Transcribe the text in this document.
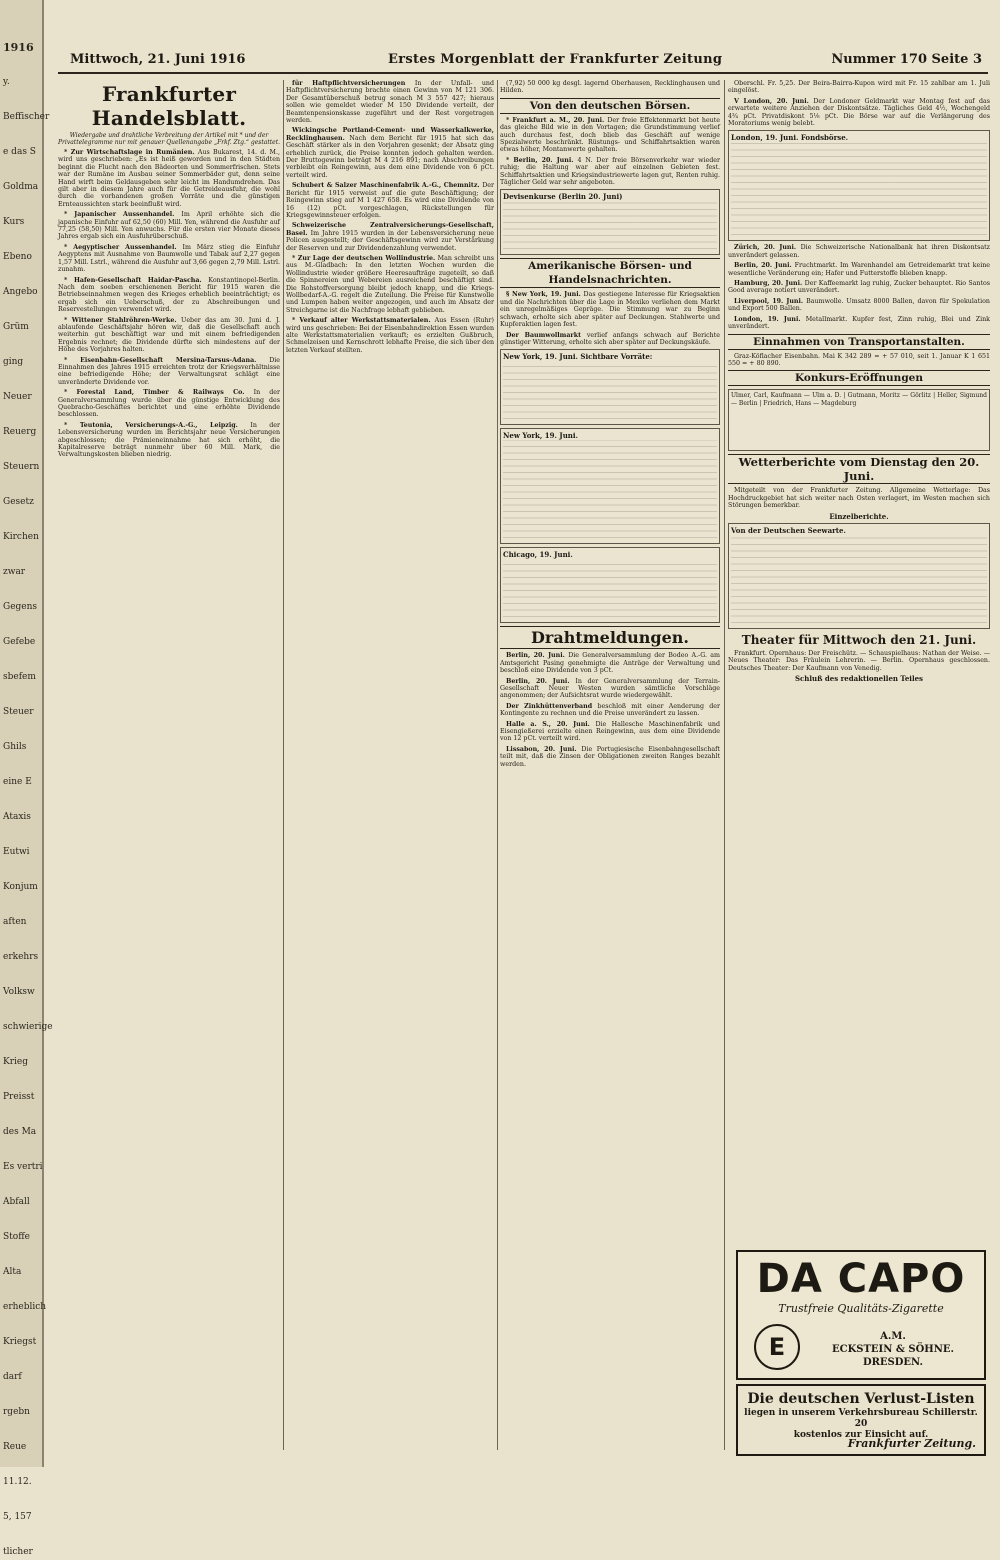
1916
y.
Beffischer
e das S
Goldma
Kurs
Ebeno
Angebo
Grüm
ging
Neuer
Reuerg
Steuern
Gesetz
Kirchen
zwar
Gegens
Gefebe
sbefem
Steuer
Ghils
eine E
Ataxis
Eutwi
Konjum
aften
erkehrs
Volksw
schwierige
Krieg
Preisst
des Ma
Es vertri
Abfall
Stoffe
Alta
erheblich
Kriegst
darf
rgebn
Reue
11.12.
5, 157
tlicher
Mittwoch, 21. Juni 1916	Erstes Morgenblatt der Frankfurter Zeitung	Nummer 170 Seite 3
Frankfurter Handelsblatt.
Wiedergabe und drahtliche Verbreitung der Artikel mit * und der Privattelegramme nur mit genauer Quellenangabe „Frkf. Ztg.“ gestattet.

* Zur Wirtschaftslage in Rumänien. Aus Bukarest, 14. d. M., wird uns geschrieben: „Es ist heiß geworden und in den Städten beginnt die Flucht nach den Bädeorten und Sommerfrischen. Stets war der Rumäne im Ausbau seiner Sommerbäder gut, denn seine Hand wirft beim Geldausgeben sehr leicht im Handumdrehen. Das gilt aber in diesem Jahre auch für die Getreideausfuhr, die wohl durch die vorhandenen großen Vorräte und die günstigen Ernteaussichten stark beeinflußt wird.

* Japanischer Aussenhandel. Im April erhöhte sich die japanische Einfuhr auf 62,50 (60) Mill. Yen, während die Ausfuhr auf 77,25 (58,50) Mill. Yen anwuchs. Für die ersten vier Monate dieses Jahres ergab sich ein Ausfuhrüberschuß.

* Aegyptischer Aussenhandel. Im März stieg die Einfuhr Aegyptens mit Ausnahme von Baumwolle und Tabak auf 2,27 gegen 1,57 Mill. Lstrl., während die Ausfuhr auf 3,66 gegen 2,79 Mill. Lstrl. zunahm.

* Hafen-Gesellschaft Haidar-Pascha. Konstantinopel-Berlin. Nach dem soeben erschienenen Bericht für 1915 waren die Betriebseinnahmen wegen des Krieges erheblich beeinträchtigt; es ergab sich ein Ueberschuß, der zu Abschreibungen und Reservestellungen verwendet wird.

* Wittener Stahlröhren-Werke. Ueber das am 30. Juni d. J. ablaufende Geschäftsjahr hören wir, daß die Gesellschaft auch weiterhin gut beschäftigt war und mit einem befriedigenden Ergebnis rechnet; die Dividende dürfte sich mindestens auf der Höhe des Vorjahres halten.

* Eisenbahn-Gesellschaft Mersina-Tarsus-Adana. Die Einnahmen des Jahres 1915 erreichten trotz der Kriegsverhältnisse eine befriedigende Höhe; der Verwaltungsrat schlägt eine unveränderte Dividende vor.

* Forestal Land, Timber & Railways Co. In der Generalversammlung wurde über die günstige Entwicklung des Quebracho-Geschäftes berichtet und eine erhöhte Dividende beschlossen.

* Teutonia, Versicherungs-A.-G., Leipzig. In der Lebensversicherung wurden im Berichtsjahr neue Versicherungen abgeschlossen; die Prämieneinnahme hat sich erhöht, die Kapitalreserve beträgt nunmehr über 60 Mill. Mark, die Verwaltungskosten blieben niedrig.

für Haftpflichtversicherungen In der Unfall- und Haftpflichtversicherung brachte einen Gewinn von M 121 306. Der Gesamtüberschuß betrug sonach M 3 557 427; hieraus sollen wie gemeldet wieder M 150 Dividende verteilt, der Beamtenpensionskasse zugeführt und der Rest vorgetragen werden.

Wickingsche Portland-Cement- und Wasserkalkwerke, Recklinghausen. Nach dem Bericht für 1915 hat sich das Geschäft stärker als in den Vorjahren gesenkt; der Absatz ging erheblich zurück, die Preise konnten jedoch gehalten werden. Der Bruttogewinn beträgt M 4 216 891; nach Abschreibungen verbleibt ein Reingewinn, aus dem eine Dividende von 6 pCt. verteilt wird.

Schubert & Salzer Maschinenfabrik A.-G., Chemnitz. Der Bericht für 1915 verweist auf die gute Beschäftigung; der Reingewinn stieg auf M 1 427 658. Es wird eine Dividende von 16 (12) pCt. vorgeschlagen, Rückstellungen für Kriegsgewinnsteuer erfolgen.

Schweizerische Zentralversicherungs-Gesellschaft, Basel. Im Jahre 1915 wurden in der Lebensversicherung neue Policen ausgestellt; der Geschäftsgewinn wird zur Verstärkung der Reserven und zur Dividendenzahlung verwendet.

* Zur Lage der deutschen Wollindustrie. Man schreibt uns aus M.-Gladbach: In den letzten Wochen wurden die Wollindustrie wieder größere Heeresaufträge zugeteilt, so daß die Spinnereien und Webereien ausreichend beschäftigt sind. Die Rohstoffversorgung bleibt jedoch knapp, und die Kriegs-Wollbedarf-A.-G. regelt die Zuteilung. Die Preise für Kunstwolle und Lumpen haben weiter angezogen, und auch im Absatz der Streichgarne ist die Nachfrage lebhaft geblieben.

* Verkauf alter Werkstattsmaterialen. Aus Essen (Ruhr) wird uns geschrieben: Bei der Eisenbahndirektion Essen wurden alte Werkstattsmaterialien verkauft; es erzielten Gußbruch, Schmelzeisen und Kernschrott lebhafte Preise, die sich über den letzten Verkauf stellten.

(7,92) 50 000 kg desgl. lagernd Oberhausen, Recklinghausen und Hilden.

Von den deutschen Börsen.

* Frankfurt a. M., 20. Juni. Der freie Effektenmarkt bot heute das gleiche Bild wie in den Vortagen; die Grundstimmung verlief auch durchaus fest, doch blieb das Geschäft auf wenige Spezialwerte beschränkt. Rüstungs- und Schiffahrtsaktien waren etwas höher, Montanwerte gehalten.

* Berlin, 20. Juni. 4 N. Der freie Börsenverkehr war wieder ruhig; die Haltung war aber auf einzelnen Gebieten fest. Schiffahrtsaktien und Kriegsindustriewerte lagen gut, Renten ruhig. Täglicher Geld war sehr angeboten.

Devisenkurse (Berlin 20. Juni)
Amerikanische Börsen- und Handelsnachrichten.

§ New York, 19. Juni. Das gestiegene Interesse für Kriegsaktien und die Nachrichten über die Lage in Mexiko verliehen dem Markt ein unregelmäßiges Gepräge. Die Stimmung war zu Beginn schwach, erholte sich aber später auf Deckungen. Stahlwerte und Kupferaktien lagen fest.

Der Baumwollmarkt verlief anfangs schwach auf Berichte günstiger Witterung, erholte sich aber später auf Deckungskäufe.

New York, 19. Juni. Sichtbare Vorräte:
New York, 19. Juni.
Chicago, 19. Juni.
Drahtmeldungen.

Berlin, 20. Juni. Die Generalversammlung der Bodeo A.-G. am Amtsgericht Pasing genehmigte die Anträge der Verwaltung und beschloß eine Dividende von 3 pCt.

Berlin, 20. Juni. In der Generalversammlung der Terrain-Gesellschaft Neuer Westen wurden sämtliche Vorschläge angenommen; der Aufsichtsrat wurde wiedergewählt.

Der Zinkhüttenverband beschloß mit einer Aenderung der Kontingente zu rechnen und die Preise unverändert zu lassen.

Halle a. S., 20. Juni. Die Hallesche Maschinenfabrik und Eisengießerei erzielte einen Reingewinn, aus dem eine Dividende von 12 pCt. verteilt wird.

Lissabon, 20. Juni. Die Portugiesische Eisenbahngesellschaft teilt mit, daß die Zinsen der Obligationen zweiten Ranges bezahlt werden.

Oberschl. Fr. 5,25. Der Beira-Bairra-Kupon wird mit Fr. 15 zahlbar am 1. Juli eingelöst.

V London, 20. Juni. Der Londoner Geldmarkt war Montag fest auf das erwartete weitere Anziehen der Diskontsätze. Tägliches Geld 4½, Wochengeld 4¾ pCt. Privatdiskont 5⅛ pCt. Die Börse war auf die Verlängerung des Moratoriums wenig belebt.

London, 19. Juni. Fondsbörse.

Zürich, 20. Juni. Die Schweizerische Nationalbank hat ihren Diskontsatz unverändert gelassen.

Berlin, 20. Juni. Fruchtmarkt. Im Warenhandel am Getreidemarkt trat keine wesentliche Veränderung ein; Hafer und Futterstoffe blieben knapp.

Hamburg, 20. Juni. Der Kaffeemarkt lag ruhig, Zucker behauptet. Rio Santos Good average notiert unverändert.

Liverpool, 19. Juni. Baumwolle. Umsatz 8000 Ballen, davon für Spekulation und Export 500 Ballen.

London, 19. Juni. Metallmarkt. Kupfer fest, Zinn ruhig, Blei und Zink unverändert.

Einnahmen von Transportanstalten.

Graz-Köflacher Eisenbahn. Mai K 342 289 = + 57 010, seit 1. Januar K 1 651 550 = + 80 890.

Konkurs-Eröffnungen
Ulmer, Carl, Kaufmann — Ulm a. D. | Gutmann, Moritz — Görlitz | Heller, Sigmund — Berlin | Friedrich, Hans — Magdeburg
Wetterberichte vom Dienstag den 20. Juni.

Mitgeteilt von der Frankfurter Zeitung. Allgemeine Wetterlage: Das Hochdruckgebiet hat sich weiter nach Osten verlagert, im Westen machen sich Störungen bemerkbar.

Einzelberichte.
Von der Deutschen Seewarte.
Theater für Mittwoch den 21. Juni.

Frankfurt. Opernhaus: Der Freischütz. — Schauspielhaus: Nathan der Weise. — Neues Theater: Das Fräulein Lehrerin. — Berlin. Opernhaus geschlossen. Deutsches Theater: Der Kaufmann von Venedig.

Schluß des redaktionellen Teiles
DA CAPO
Trustfreie Qualitäts-Zigarette
E	A.M.
ECKSTEIN & SÖHNE.
DRESDEN.
Die deutschen Verlust-Listen
liegen in unserem Verkehrsbureau Schillerstr. 20
kostenlos zur Einsicht auf.
Frankfurter Zeitung.
